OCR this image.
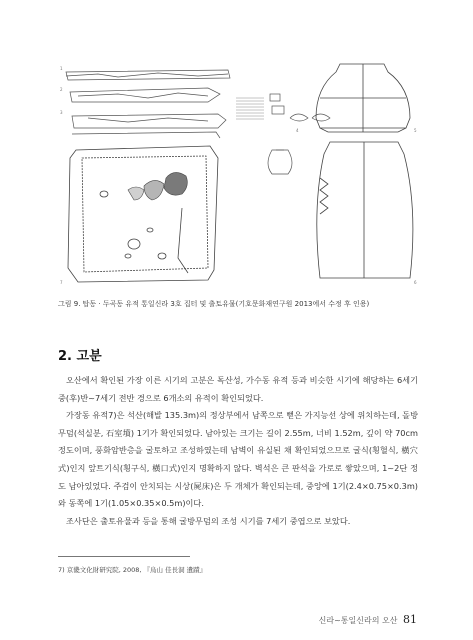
1
2
3
4	5
6
7
그림 9. 탑동 · 두곡동 유적 통일신라 3호 집터 및 출토유물(기호문화재연구원 2013에서 수정 후 인용)
2. 고분

오산에서 확인된 가장 이른 시기의 고분은 독산성, 가수동 유적 등과 비슷한 시기에 해당하는 6세기 중(후)반~7세기 전반 경으로 6개소의 유적이 확인되었다.

가장동 유적7)은 석산(해발 135.3m)의 정상부에서 남쪽으로 뻗은 가지능선 상에 위치하는데, 돌방무덤(석실분, 石室墳) 1기가 확인되었다. 남아있는 크기는 길이 2.55m, 너비 1.52m, 깊이 약 70cm 정도이며, 풍화암반층을 굴토하고 조성하였는데 남벽이 유실된 채 확인되었으므로 굴식(횡혈식, 橫穴式)인지 앞트기식(횡구식, 橫口式)인지 명확하지 않다. 벽석은 큰 판석을 가로로 쌓았으며, 1~2단 정도 남아있었다. 주검이 안치되는 시상(屍床)은 두 개체가 확인되는데, 중앙에 1기(2.4×0.75×0.3m)와 동쪽에 1기(1.05×0.35×0.5m)이다.

조사단은 출토유물과 등을 통해 굴방무덤의 조성 시기를 7세기 중엽으로 보았다.

7) 京畿文化財研究院, 2008, 『烏山 佳長洞 遺蹟』
신라~통일신라의 오산 81
